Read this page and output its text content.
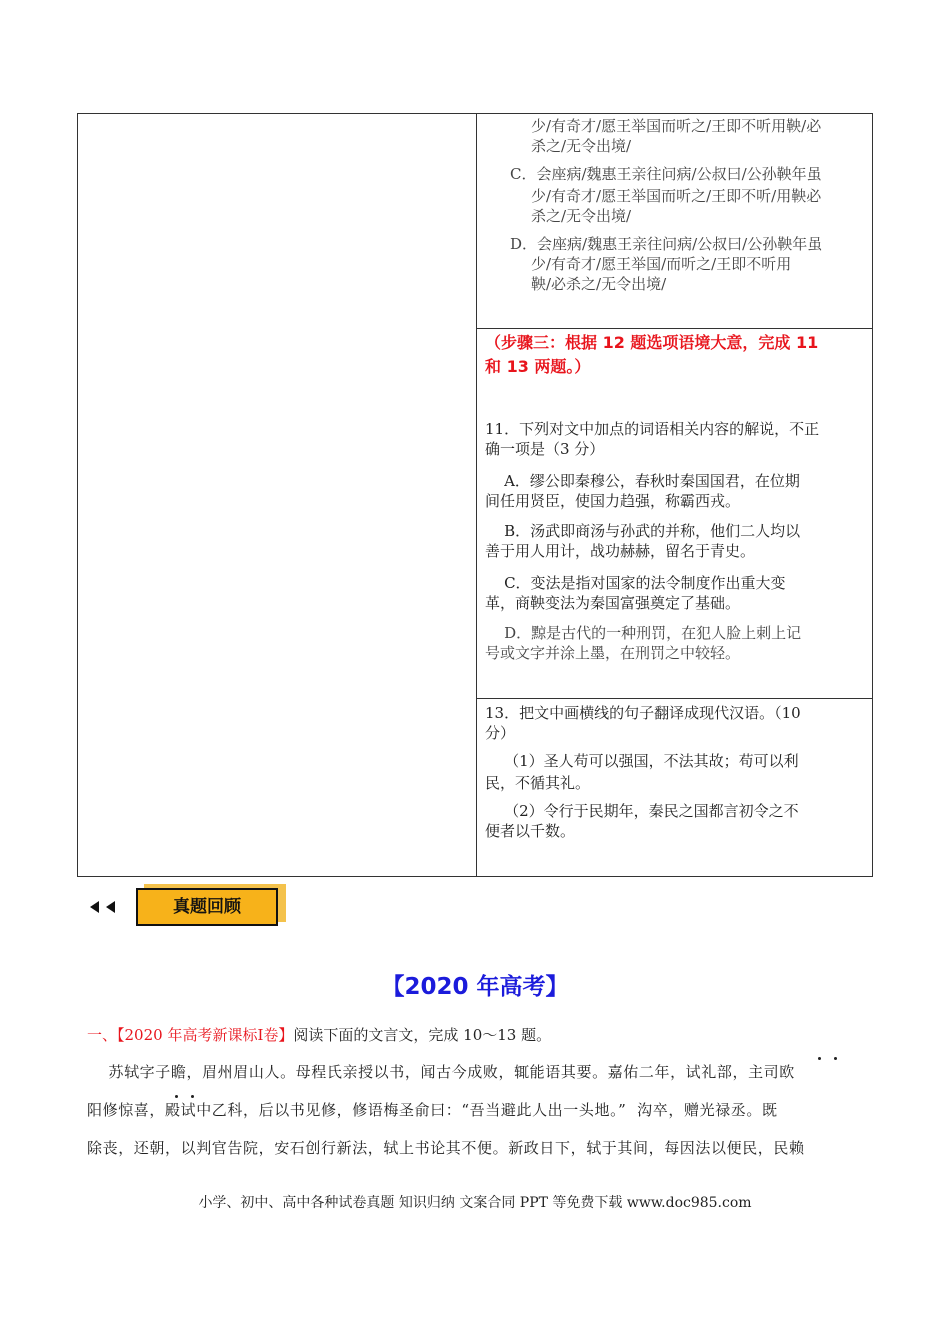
少/有奇才/愿王举国而听之/王即不听用鞅/必
杀之/无令出境/
C．会座病/魏惠王亲往问病/公叔曰/公孙鞅年虽
少/有奇才/愿王举国而听之/王即不听/用鞅必
杀之/无令出境/
D．会座病/魏惠王亲往问病/公叔曰/公孙鞅年虽
少/有奇才/愿王举国/而听之/王即不听用
鞅/必杀之/无令出境/
（步骤三：根据 12 题选项语境大意，完成 11
和 13 两题。）
11．下列对文中加点的词语相关内容的解说，不正
确一项是（3 分）
A．缪公即秦穆公，春秋时秦国国君，在位期
间任用贤臣，使国力趋强，称霸西戎。
B．汤武即商汤与孙武的并称，他们二人均以
善于用人用计，战功赫赫，留名于青史。
C．变法是指对国家的法令制度作出重大变
革，商鞅变法为秦国富强奠定了基础。
D．黥是古代的一种刑罚，在犯人脸上刺上记
号或文字并涂上墨，在刑罚之中较轻。
13．把文中画横线的句子翻译成现代汉语。（10
分）
（1）圣人苟可以强国，不法其故；苟可以利
民，不循其礼。
（2）令行于民期年，秦民之国都言初令之不
便者以千数。
真题回顾
【2020 年高考】
一、【2020 年高考新课标Ⅰ卷】阅读下面的文言文，完成 10～13 题。
苏轼字子瞻，眉州眉山人。母程氏亲授以书，闻古今成败，辄能语其要。嘉佑二年，试礼部，主司欧
阳修惊喜，殿试中乙科，后以书见修，修语梅圣俞曰：“吾当避此人出一头地。”  沟卒，赠光禄丞。既
除丧，还朝，以判官告院，安石创行新法，轼上书论其不便。新政日下，轼于其间，每因法以便民，民赖
小学、初中、高中各种试卷真题 知识归纳 文案合同 PPT 等免费下载 www.doc985.com
